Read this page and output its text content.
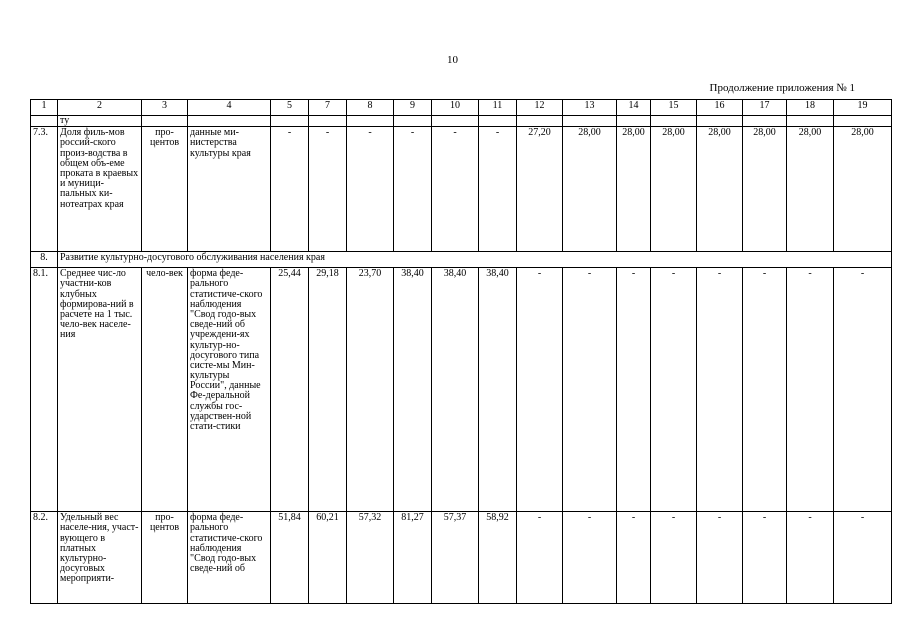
10
Продолжение приложения № 1
1	2	3	4	5	7	8	9	10	11	12	13	14	15	16	17	18	19
	ту																
7.3.	Доля филь-мов россий-ского произ-водства в общем объ-еме проката в краевых и муници-пальных ки-нотеатрах края	про-центов	данные ми-нистерства культуры края	-	-	-	-	-	-	27,20	28,00	28,00	28,00	28,00	28,00	28,00	28,00
8.	Развитие культурно-досугового обслуживания населения края																
8.1.	Среднее чис-ло участни-ков клубных формирова-ний в расчете на 1 тыс. чело-век населе-ния	чело-век	форма феде-рального статистиче-ского наблюдения "Свод годо-вых сведе-ний об учреждени-ях культур-но-досугового типа систе-мы Мин-культуры России", данные Фе-деральной службы гос-ударствен-ной стати-стики	25,44	29,18	23,70	38,40	38,40	38,40	-	-	-	-	-	-	-	-
8.2.	Удельный вес населе-ния, участ-вующего в платных культурно-досуговых мероприяти-	про-центов	форма феде-рального статистиче-ского наблюдения "Свод годо-вых сведе-ний об	51,84	60,21	57,32	81,27	57,37	58,92	-	-	-	-	-	-	-	-
